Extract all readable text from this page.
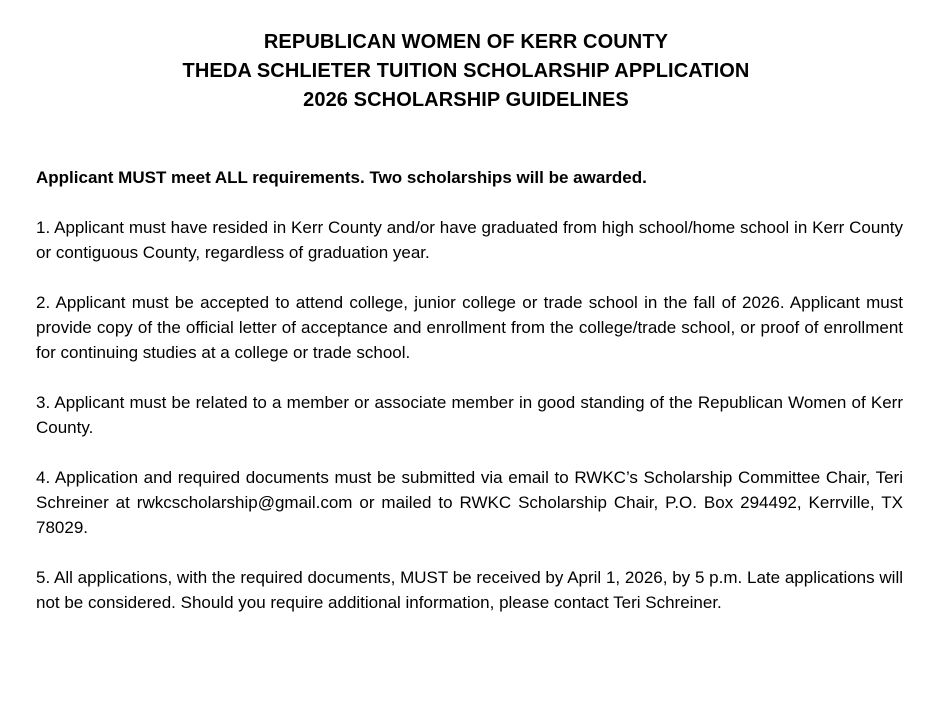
REPUBLICAN WOMEN OF KERR COUNTY
THEDA SCHLIETER TUITION SCHOLARSHIP APPLICATION
2026 SCHOLARSHIP GUIDELINES

Applicant MUST meet ALL requirements. Two scholarships will be awarded.

1. Applicant must have resided in Kerr County and/or have graduated from high school/home school in Kerr County or contiguous County, regardless of graduation year.

2. Applicant must be accepted to attend college, junior college or trade school in the fall of 2026. Applicant must provide copy of the official letter of acceptance and enrollment from the college/trade school, or proof of enrollment for continuing studies at a college or trade school.

3. Applicant must be related to a member or associate member in good standing of the Republican Women of Kerr County.

4. Application and required documents must be submitted via email to RWKC’s Scholarship Committee Chair, Teri Schreiner at rwkcscholarship@gmail.com or mailed to RWKC Scholarship Chair, P.O. Box 294492, Kerrville, TX 78029.

5. All applications, with the required documents, MUST be received by April 1, 2026, by 5 p.m. Late applications will not be considered. Should you require additional information, please contact Teri Schreiner.
